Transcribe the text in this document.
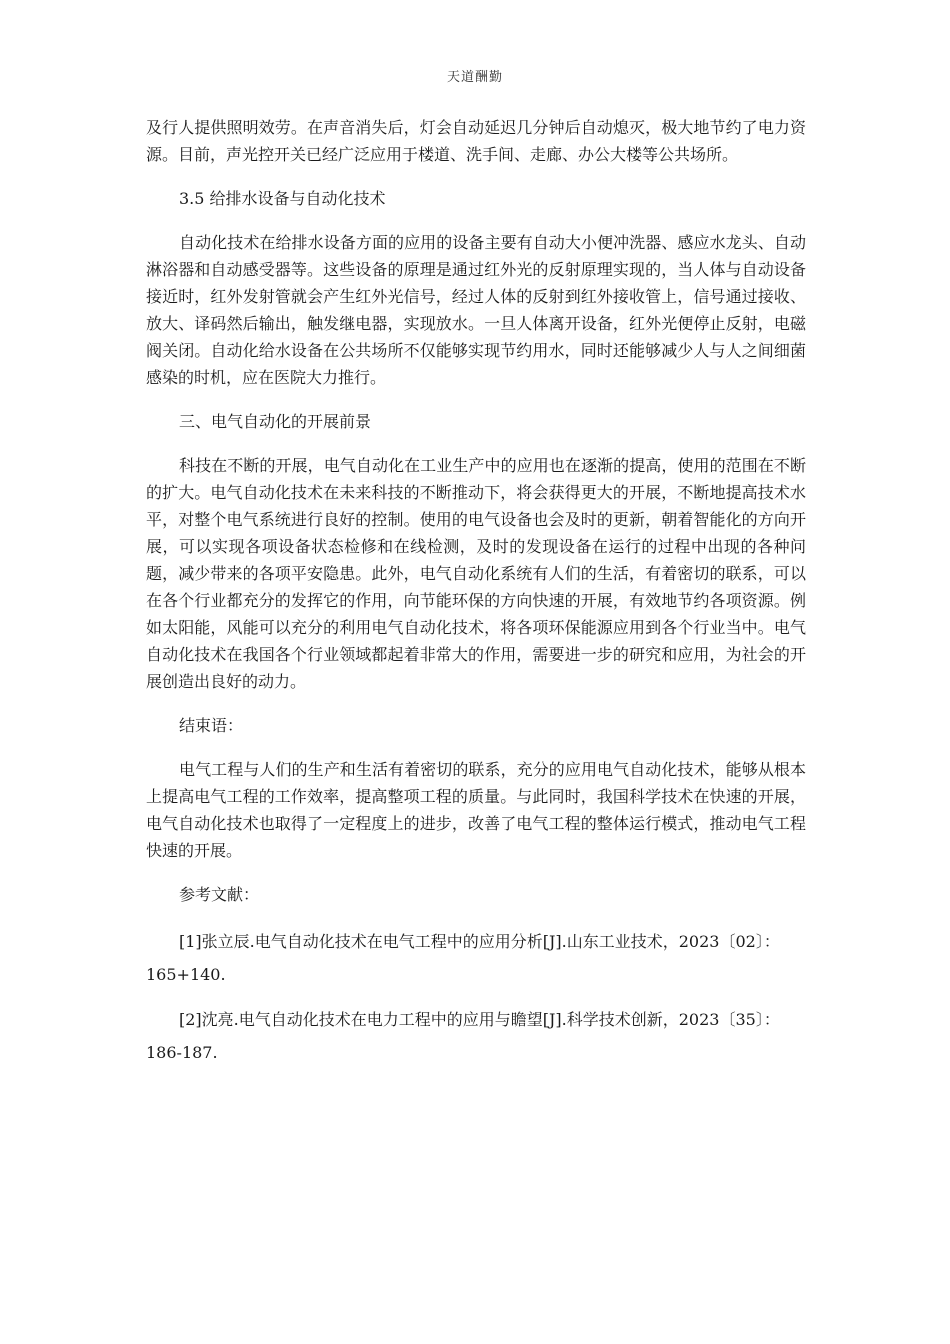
天道酬勤

及行人提供照明效劳。在声音消失后，灯会自动延迟几分钟后自动熄灭，极大地节约了电力资源。目前，声光控开关已经广泛应用于楼道、洗手间、走廊、办公大楼等公共场所。

3.5 给排水设备与自动化技术

自动化技术在给排水设备方面的应用的设备主要有自动大小便冲洗器、感应水龙头、自动淋浴器和自动感受器等。这些设备的原理是通过红外光的反射原理实现的，当人体与自动设备接近时，红外发射管就会产生红外光信号，经过人体的反射到红外接收管上，信号通过接收、放大、译码然后输出，触发继电器，实现放水。一旦人体离开设备，红外光便停止反射，电磁阀关闭。自动化给水设备在公共场所不仅能够实现节约用水，同时还能够减少人与人之间细菌感染的时机，应在医院大力推行。

三、电气自动化的开展前景

科技在不断的开展，电气自动化在工业生产中的应用也在逐渐的提高，使用的范围在不断的扩大。电气自动化技术在未来科技的不断推动下，将会获得更大的开展，不断地提高技术水平，对整个电气系统进行良好的控制。使用的电气设备也会及时的更新，朝着智能化的方向开展，可以实现各项设备状态检修和在线检测，及时的发现设备在运行的过程中出现的各种问题，减少带来的各项平安隐患。此外，电气自动化系统有人们的生活，有着密切的联系，可以在各个行业都充分的发挥它的作用，向节能环保的方向快速的开展，有效地节约各项资源。例如太阳能，风能可以充分的利用电气自动化技术，将各项环保能源应用到各个行业当中。电气自动化技术在我国各个行业领域都起着非常大的作用，需要进一步的研究和应用，为社会的开展创造出良好的动力。

结束语：

电气工程与人们的生产和生活有着密切的联系，充分的应用电气自动化技术，能够从根本上提高电气工程的工作效率，提高整项工程的质量。与此同时，我国科学技术在快速的开展，电气自动化技术也取得了一定程度上的进步，改善了电气工程的整体运行模式，推动电气工程快速的开展。

参考文献：

[1]张立辰.电气自动化技术在电气工程中的应用分析[J].山东工业技术，2023〔02〕：165+140.

[2]沈亮.电气自动化技术在电力工程中的应用与瞻望[J].科学技术创新，2023〔35〕：186-187.
